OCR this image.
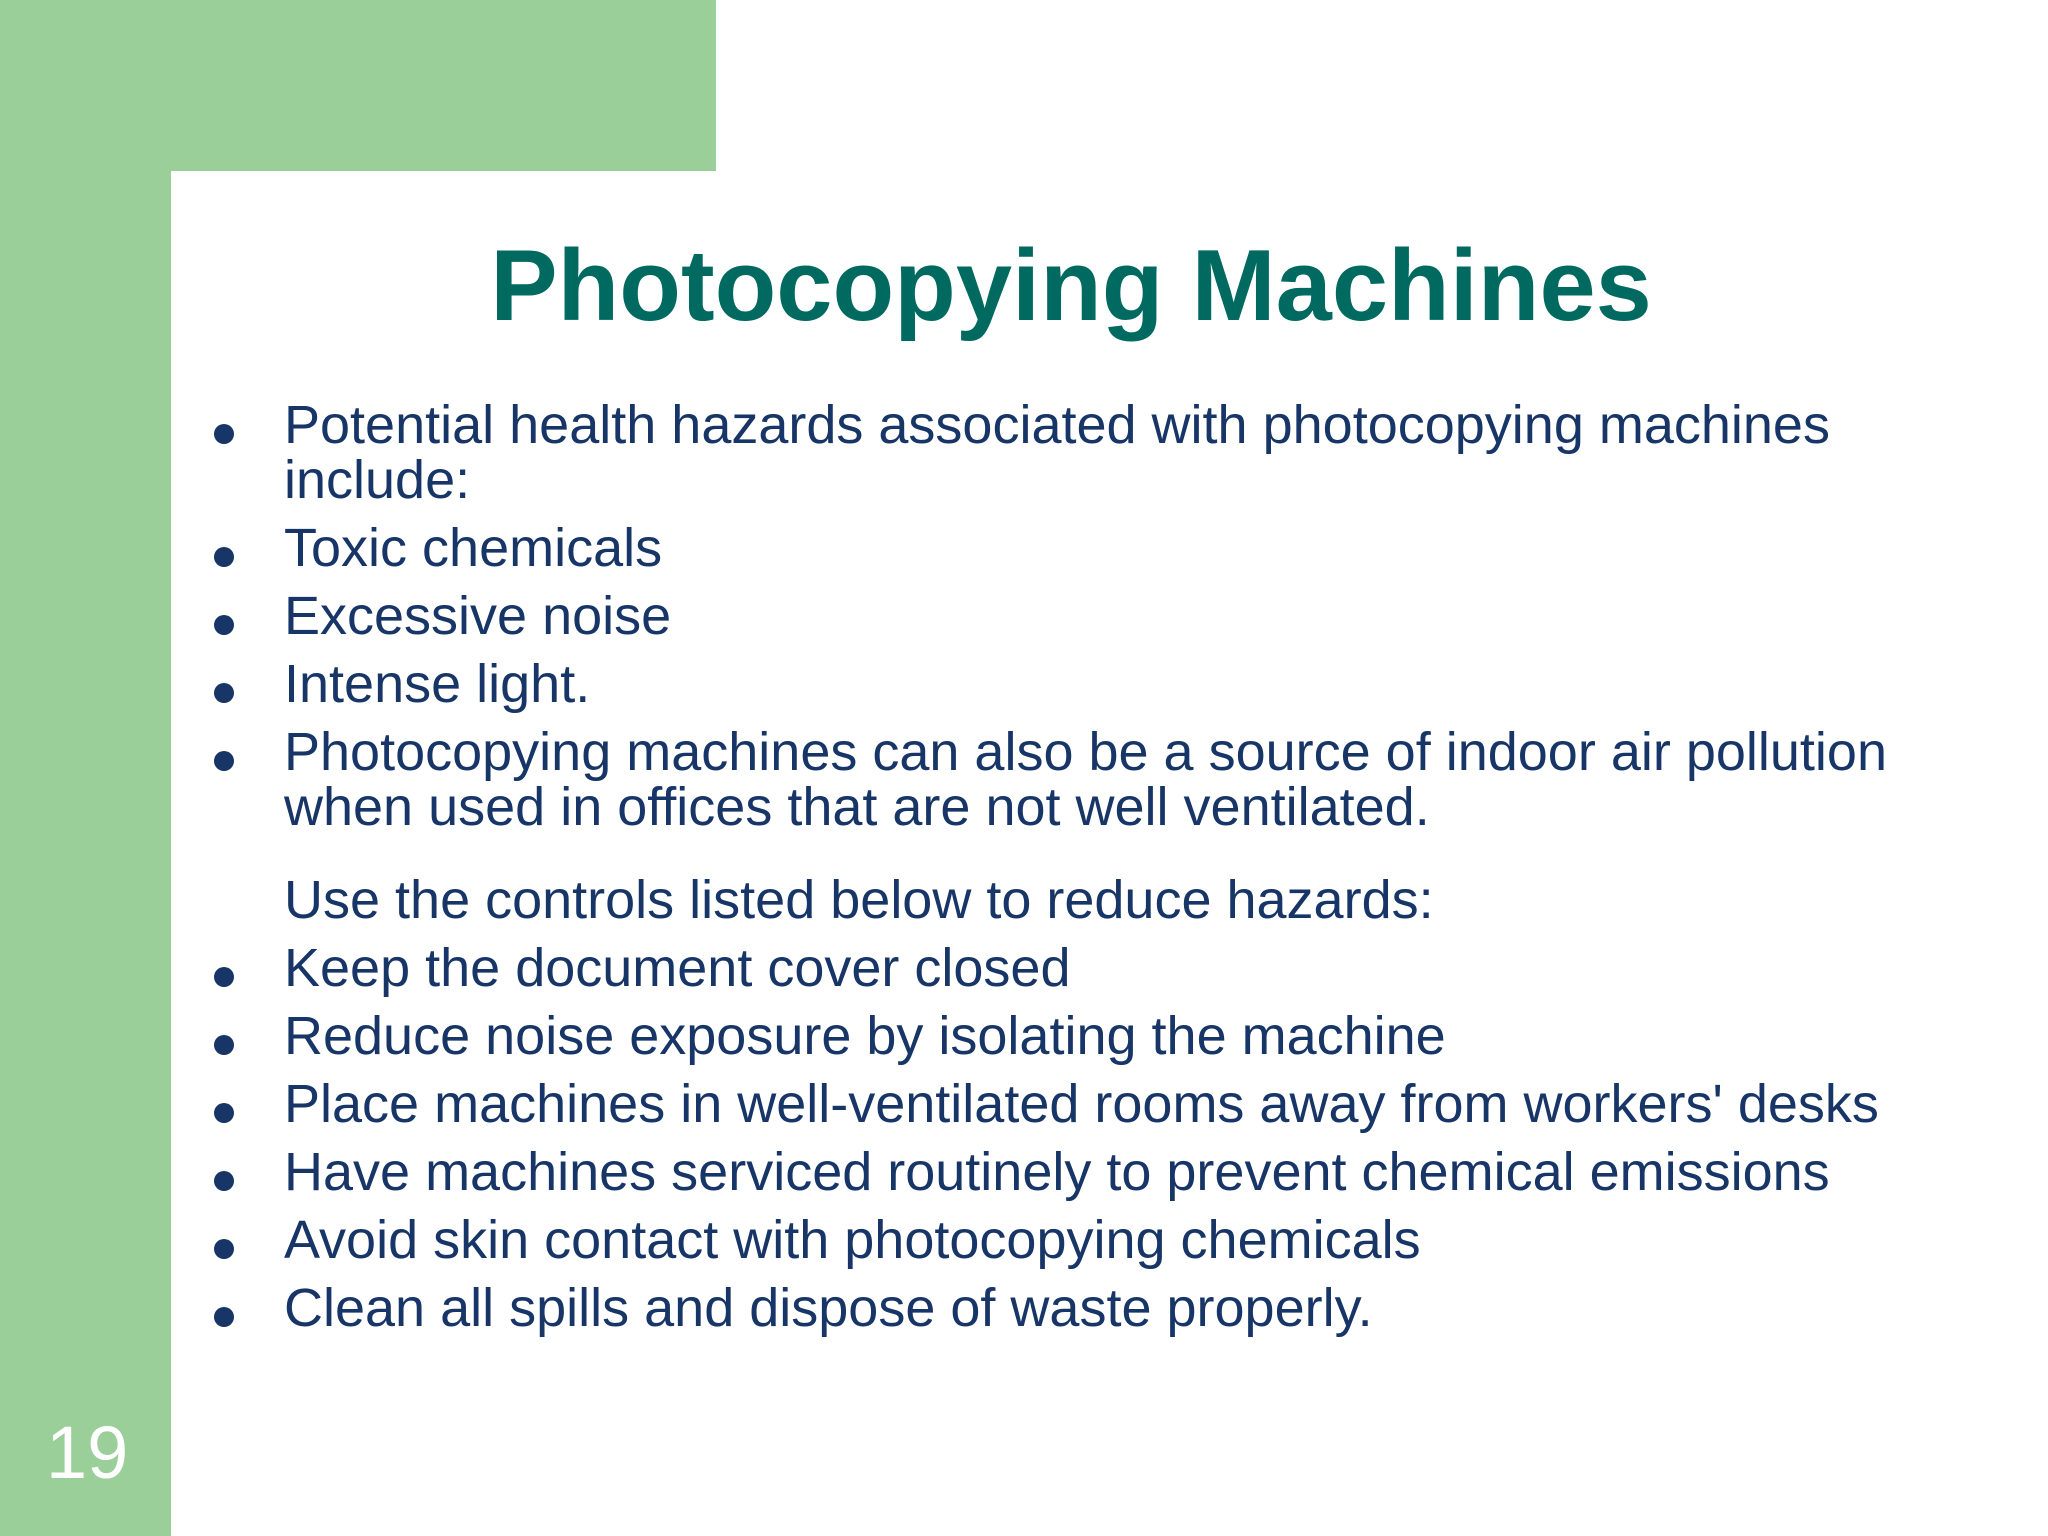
19
Photocopying Machines
Potential health hazards associated with photocopying machines include:
Toxic chemicals
Excessive noise
Intense light.
Photocopying machines can also be a source of indoor air pollution when used in offices that are not well ventilated.
Use the controls listed below to reduce hazards:
Keep the document cover closed
Reduce noise exposure by isolating the machine
Place machines in well-ventilated rooms away from workers' desks
Have machines serviced routinely to prevent chemical emissions
Avoid skin contact with photocopying chemicals
Clean all spills and dispose of waste properly.
